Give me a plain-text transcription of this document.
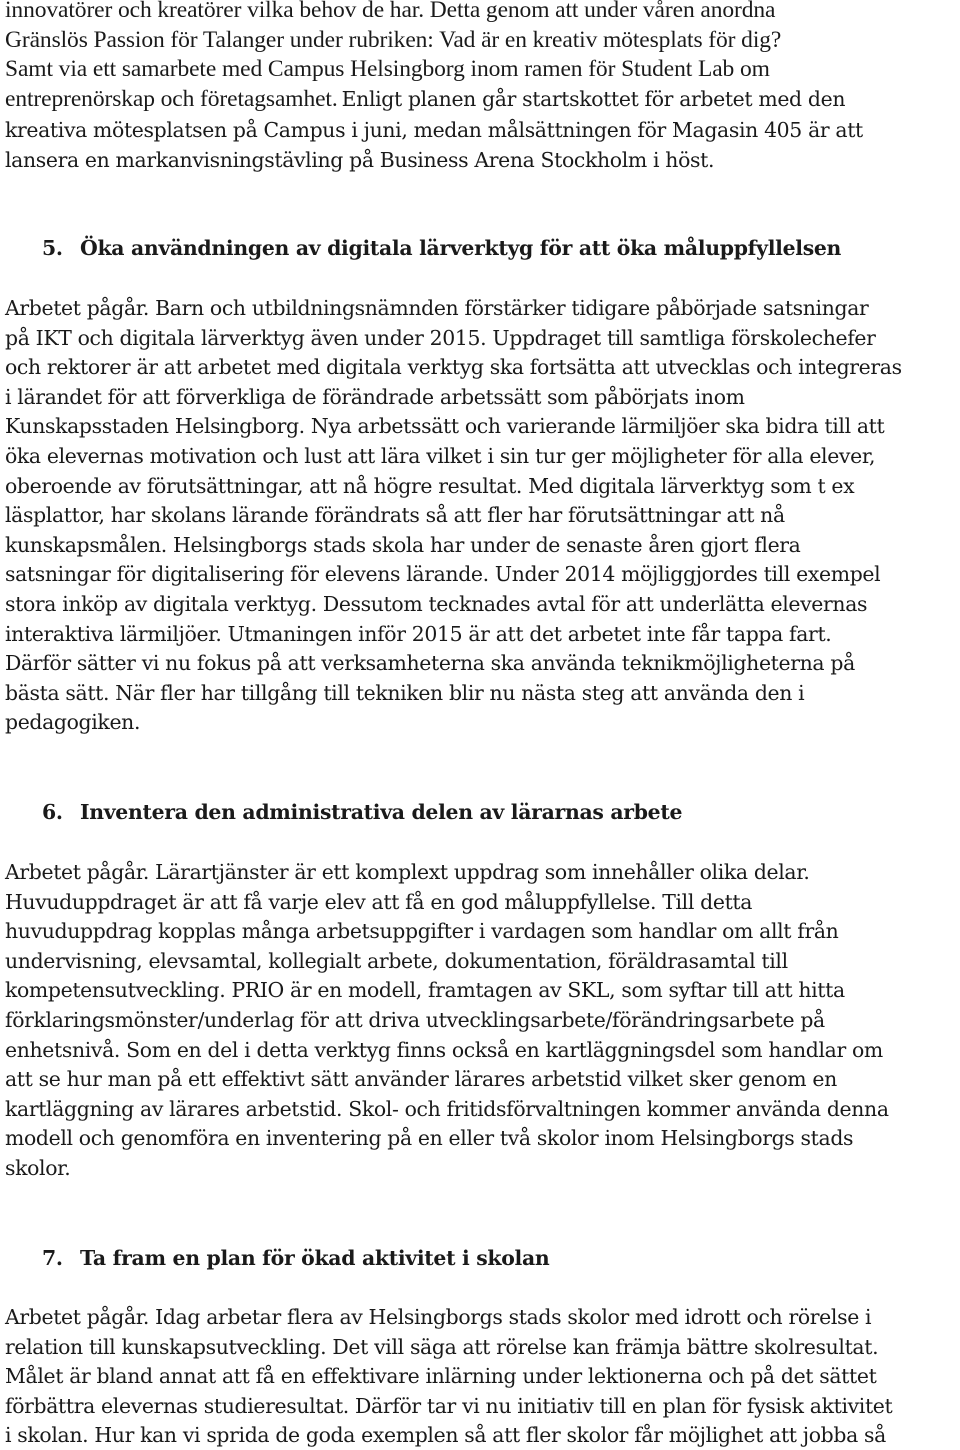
innovatörer och kreatörer vilka behov de har. Detta genom att under våren anordna
Gränslös Passion för Talanger under rubriken: Vad är en kreativ mötesplats för dig?
Samt via ett samarbete med Campus Helsingborg inom ramen för Student Lab om
entreprenörskap och företagsamhet. Enligt planen går startskottet för arbetet med den
kreativa mötesplatsen på Campus i juni, medan målsättningen för Magasin 405 är att
lansera en markanvisningstävling på Business Arena Stockholm i höst.
5. Öka användningen av digitala lärverktyg för att öka måluppfyllelsen
Arbetet pågår. Barn och utbildningsnämnden förstärker tidigare påbörjade satsningar
på IKT och digitala lärverktyg även under 2015. Uppdraget till samtliga förskolechefer
och rektorer är att arbetet med digitala verktyg ska fortsätta att utvecklas och integreras
i lärandet för att förverkliga de förändrade arbetssätt som påbörjats inom
Kunskapsstaden Helsingborg. Nya arbetssätt och varierande lärmiljöer ska bidra till att
öka elevernas motivation och lust att lära vilket i sin tur ger möjligheter för alla elever,
oberoende av förutsättningar, att nå högre resultat. Med digitala lärverktyg som t ex
läsplattor, har skolans lärande förändrats så att fler har förutsättningar att nå
kunskapsmålen. Helsingborgs stads skola har under de senaste åren gjort flera
satsningar för digitalisering för elevens lärande. Under 2014 möjliggjordes till exempel
stora inköp av digitala verktyg. Dessutom tecknades avtal för att underlätta elevernas
interaktiva lärmiljöer. Utmaningen inför 2015 är att det arbetet inte får tappa fart.
Därför sätter vi nu fokus på att verksamheterna ska använda teknikmöjligheterna på
bästa sätt. När fler har tillgång till tekniken blir nu nästa steg att använda den i
pedagogiken.
6. Inventera den administrativa delen av lärarnas arbete
Arbetet pågår. Lärartjänster är ett komplext uppdrag som innehåller olika delar.
Huvuduppdraget är att få varje elev att få en god måluppfyllelse. Till detta
huvuduppdrag kopplas många arbetsuppgifter i vardagen som handlar om allt från
undervisning, elevsamtal, kollegialt arbete, dokumentation, föräldrasamtal till
kompetensutveckling. PRIO är en modell, framtagen av SKL, som syftar till att hitta
förklaringsmönster/underlag för att driva utvecklingsarbete/förändringsarbete på
enhetsnivå. Som en del i detta verktyg finns också en kartläggningsdel som handlar om
att se hur man på ett effektivt sätt använder lärares arbetstid vilket sker genom en
kartläggning av lärares arbetstid. Skol- och fritidsförvaltningen kommer använda denna
modell och genomföra en inventering på en eller två skolor inom Helsingborgs stads
skolor.
7. Ta fram en plan för ökad aktivitet i skolan
Arbetet pågår. Idag arbetar flera av Helsingborgs stads skolor med idrott och rörelse i
relation till kunskapsutveckling. Det vill säga att rörelse kan främja bättre skolresultat.
Målet är bland annat att få en effektivare inlärning under lektionerna och på det sättet
förbättra elevernas studieresultat. Därför tar vi nu initiativ till en plan för fysisk aktivitet
i skolan. Hur kan vi sprida de goda exemplen så att fler skolor får möjlighet att jobba så
